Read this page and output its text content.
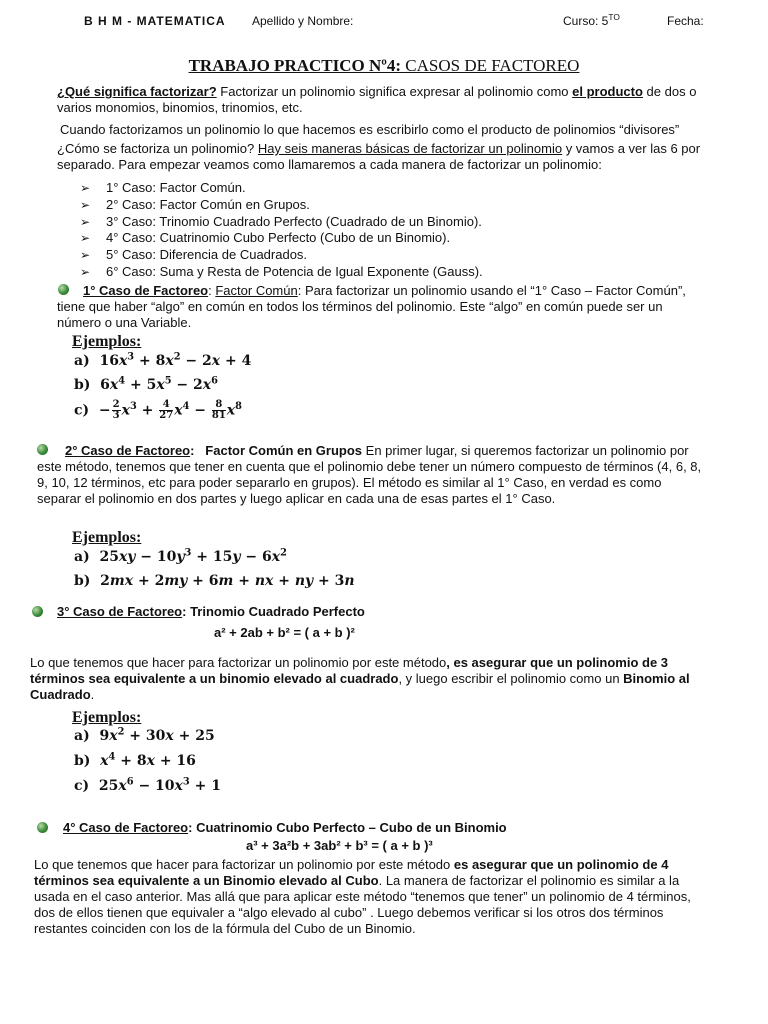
B H M - MATEMATICA Apellido y Nombre:	Curso: $5^{TO}$	Fecha:
TRABAJO PRACTICO Nº4: CASOS DE FACTOREO

¿Qué significa factorizar? Factorizar un polinomio significa expresar al polinomio como el producto de dos o varios monomios, binomios, trinomios, etc.

Cuando factorizamos un polinomio lo que hacemos es escribirlo como el producto de polinomios “divisores”

¿Cómo se factoriza un polinomio? Hay seis maneras básicas de factorizar un polinomio y vamos a ver las 6 por separado. Para empezar veamos como llamaremos a cada manera de factorizar un polinomio:

➢ 1° Caso: Factor Común.
➢ 2° Caso: Factor Común en Grupos.
➢ 3° Caso: Trinomio Cuadrado Perfecto (Cuadrado de un Binomio).
➢ 4° Caso: Cuatrinomio Cubo Perfecto (Cubo de un Binomio).
➢ 5° Caso: Diferencia de Cuadrados.
➢ 6° Caso: Suma y Resta de Potencia de Igual Exponente (Gauss).

1° Caso de Factoreo: Factor Común: Para factorizar un polinomio usando el “1° Caso – Factor Común”, tiene que haber “algo” en común en todos los términos del polinomio. Este “algo” en común puede ser un número o una Variable.

Ejemplos:
a)  $16x^3 + 8x^2 - 2x + 4$
b)  $6x^4 + 5x^5 - 2x^6$
$c) - \frac{2}{3} x^3 + \frac{4}{27} x^4 - \frac{8}{81} x^8$

2° Caso de Factoreo:   Factor Común en Grupos En primer lugar, si queremos factorizar un polinomio por este método, tenemos que tener en cuenta que el polinomio debe tener un número compuesto de términos (4, 6, 8, 9, 10, 12 términos, etc para poder separarlo en grupos). El método es similar al 1° Caso, en verdad es como separar el polinomio en dos partes y luego aplicar en cada una de esas partes el 1° Caso.

Ejemplos:
a)  $25xy - 10y^3 + 15y - 6x^2$
b)  2mx + 2my + 6m + nx + ny + 3n
3° Caso de Factoreo: Trinomio Cuadrado Perfecto
a² + 2ab + b² = ( a + b )²

Lo que tenemos que hacer para factorizar un polinomio por este método, es asegurar que un polinomio de 3 términos sea equivalente a un binomio elevado al cuadrado, y luego escribir el polinomio como un Binomio al Cuadrado.

Ejemplos:
a)  $9x^2 + 30x + 25$
b) $x^4 + 8x + 16$
c)  $25x^6 - 10x^3 + 1$
4° Caso de Factoreo: Cuatrinomio Cubo Perfecto – Cubo de un Binomio
a³ + 3a²b + 3ab² + b³ = ( a + b )³

Lo que tenemos que hacer para factorizar un polinomio por este método es asegurar que un polinomio de 4 términos sea equivalente a un Binomio elevado al Cubo. La manera de factorizar el polinomio es similar a la usada en el caso anterior. Mas allá que para aplicar este método “tenemos que tener” un polinomio de 4 términos, dos de ellos tienen que equivaler a “algo elevado al cubo” . Luego debemos verificar si los otros dos términos restantes coinciden con los de la fórmula del Cubo de un Binomio.
